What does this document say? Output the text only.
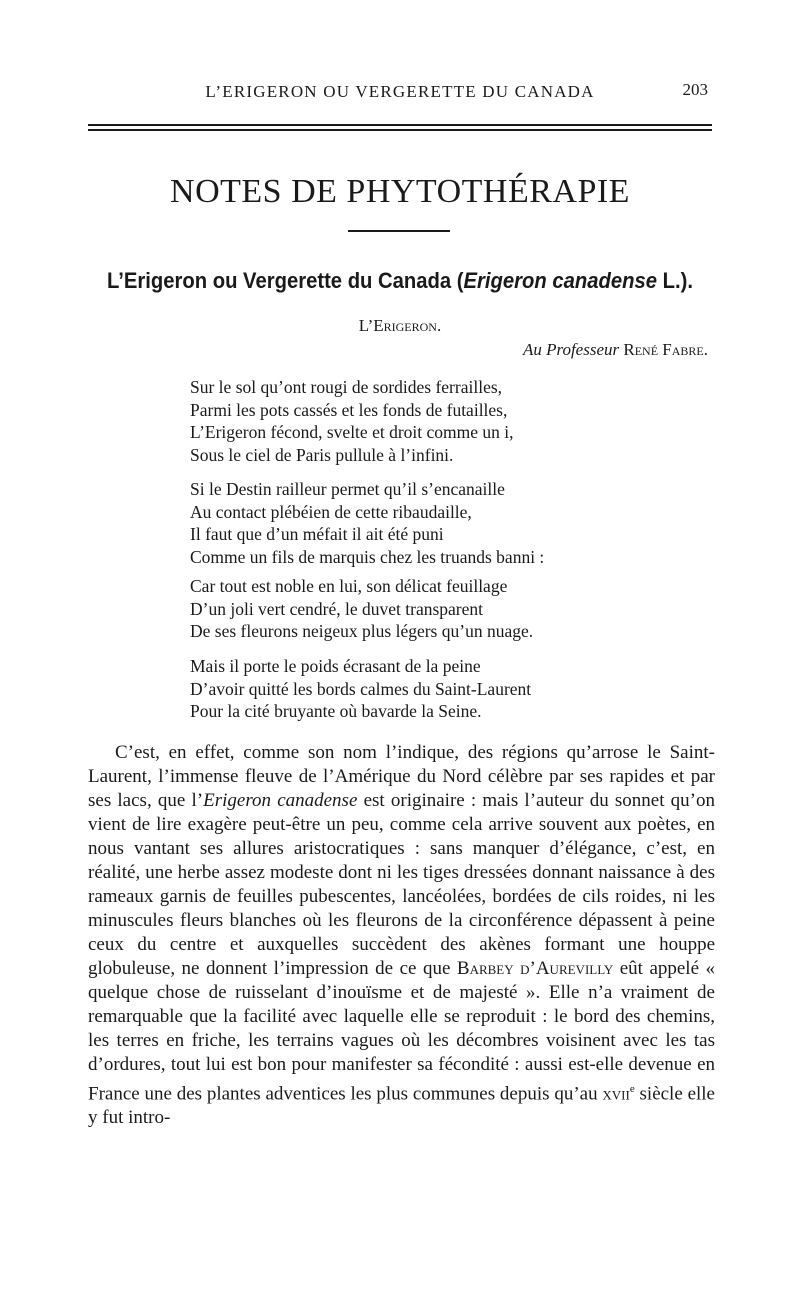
L’ERIGERON OU VERGERETTE DU CANADA	203
NOTES DE PHYTOTHÉRAPIE
L’Erigeron ou Vergerette du Canada (Erigeron canadense L.).
L’Erigeron.
Au Professeur René Fabre.
Sur le sol qu’ont rougi de sordides ferrailles,
Parmi les pots cassés et les fonds de futailles,
L’Erigeron fécond, svelte et droit comme un i,
Sous le ciel de Paris pullule à l’infini.
Si le Destin railleur permet qu’il s’encanaille
Au contact plébéien de cette ribaudaille,
Il faut que d’un méfait il ait été puni
Comme un fils de marquis chez les truands banni :
Car tout est noble en lui, son délicat feuillage
D’un joli vert cendré, le duvet transparent
De ses fleurons neigeux plus légers qu’un nuage.
Mais il porte le poids écrasant de la peine
D’avoir quitté les bords calmes du Saint-Laurent
Pour la cité bruyante où bavarde la Seine.

C’est, en effet, comme son nom l’indique, des régions qu’arrose le Saint-Laurent, l’immense fleuve de l’Amérique du Nord célèbre par ses rapides et par ses lacs, que l’Erigeron canadense est originaire : mais l’auteur du sonnet qu’on vient de lire exagère peut-être un peu, comme cela arrive souvent aux poètes, en nous vantant ses allures aristocratiques : sans manquer d’élégance, c’est, en réalité, une herbe assez modeste dont ni les tiges dressées donnant naissance à des rameaux garnis de feuilles pubescentes, lancéolées, bordées de cils roides, ni les minuscules fleurs blanches où les fleurons de la circonférence dépassent à peine ceux du centre et auxquelles succèdent des akènes formant une houppe globuleuse, ne donnent l’impression de ce que Barbey d’Aurevilly eût appelé « quelque chose de ruisselant d’inouïsme et de majesté ». Elle n’a vraiment de remarquable que la facilité avec laquelle elle se reproduit : le bord des chemins, les terres en friche, les terrains vagues où les décombres voisinent avec les tas d’ordures, tout lui est bon pour manifester sa fécondité : aussi est-elle devenue en France une des plantes adventices les plus communes depuis qu’au xvii$^e$ siècle elle y fut intro-
